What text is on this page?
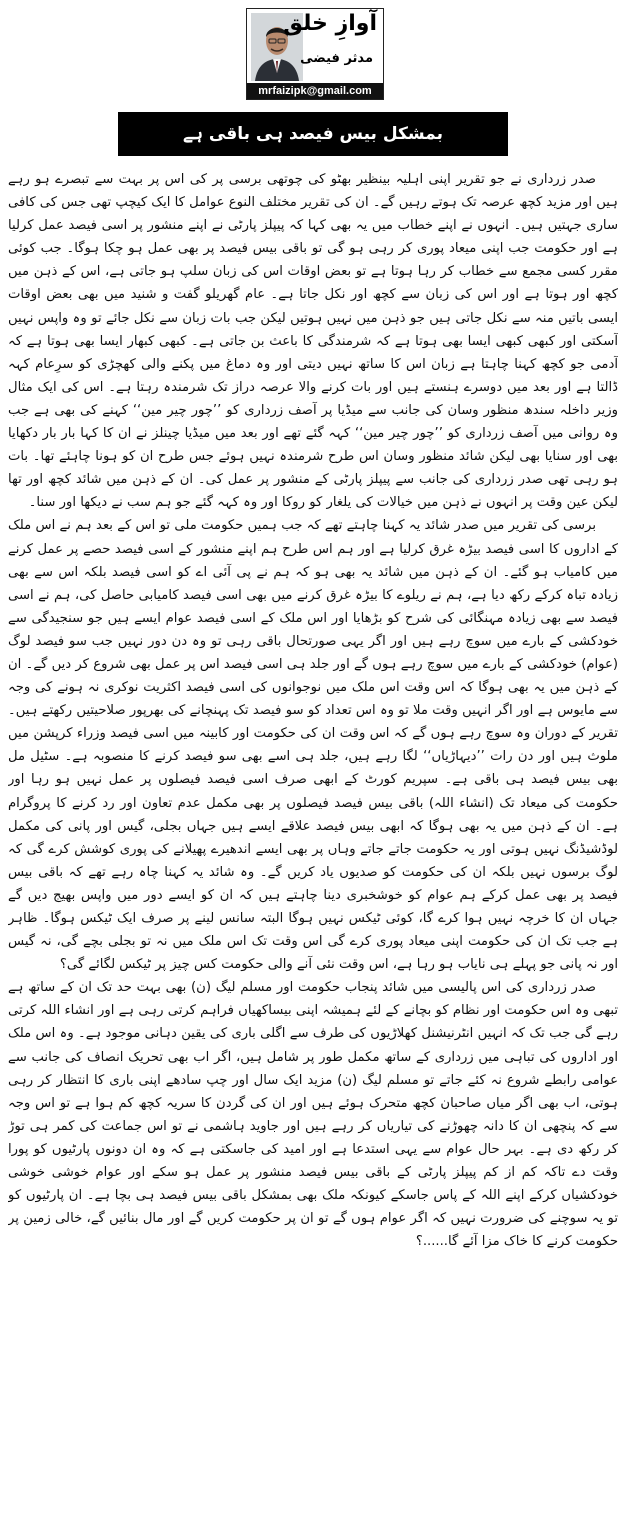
آوازِ خلق
مدثر فیضی
mrfaizipk@gmail.com
بمشکل بیس فیصد ہی باقی ہے

صدر زرداری نے جو تقریر اپنی اہلیہ بینظیر بھٹو کی چوتھی برسی پر کی اس پر بہت سے تبصرے ہو رہے ہیں اور مزید کچھ عرصہ تک ہوتے رہیں گے۔ ان کی تقریر مختلف النوع عوامل کا ایک کیچپ تھی جس کی کافی ساری جہتیں ہیں۔ انہوں نے اپنے خطاب میں یہ بھی کہا کہ پیپلز پارٹی نے اپنے منشور پر اسی فیصد عمل کرلیا ہے اور حکومت جب اپنی میعاد پوری کر رہی ہو گی تو باقی بیس فیصد پر بھی عمل ہو چکا ہوگا۔ جب کوئی مقرر کسی مجمع سے خطاب کر رہا ہوتا ہے تو بعض اوقات اس کی زبان سلپ ہو جاتی ہے، اس کے ذہن میں کچھ اور ہوتا ہے اور اس کی زبان سے کچھ اور نکل جاتا ہے۔ عام گھریلو گفت و شنید میں بھی بعض اوقات ایسی باتیں منہ سے نکل جاتی ہیں جو ذہن میں نہیں ہوتیں لیکن جب بات زبان سے نکل جائے تو وہ واپس نہیں آسکتی اور کبھی کبھی ایسا بھی ہوتا ہے کہ شرمندگی کا باعث بن جاتی ہے۔ کبھی کبھار ایسا بھی ہوتا ہے کہ آدمی جو کچھ کہنا چاہتا ہے زبان اس کا ساتھ نہیں دیتی اور وہ دماغ میں پکنے والی کھچڑی کو سرِعام کہہ ڈالتا ہے اور بعد میں دوسرے ہنستے ہیں اور بات کرنے والا عرصہ دراز تک شرمندہ رہتا ہے۔ اس کی ایک مثال وزیر داخلہ سندھ منظور وسان کی جانب سے میڈیا پر آصف زرداری کو ’’چور چیر مین‘‘ کہنے کی بھی ہے جب وہ روانی میں آصف زرداری کو ’’چور چیر مین‘‘ کہہ گئے تھے اور بعد میں میڈیا چینلز نے ان کا کہا بار بار دکھایا بھی اور سنایا بھی لیکن شائد منظور وسان اس طرح شرمندہ نہیں ہوئے جس طرح ان کو ہونا چاہئے تھا۔ بات ہو رہی تھی صدر زرداری کی جانب سے پیپلز پارٹی کے منشور پر عمل کی۔ ان کے ذہن میں شائد کچھ اور تھا لیکن عین وقت پر انہوں نے ذہن میں خیالات کی یلغار کو روکا اور وہ کہہ گئے جو ہم سب نے دیکھا اور سنا۔

برسی کی تقریر میں صدر شائد یہ کہنا چاہتے تھے کہ جب ہمیں حکومت ملی تو اس کے بعد ہم نے اس ملک کے اداروں کا اسی فیصد بیڑہ غرق کرلیا ہے اور ہم اس طرح ہم اپنے منشور کے اسی فیصد حصے پر عمل کرنے میں کامیاب ہو گئے۔ ان کے ذہن میں شائد یہ بھی ہو کہ ہم نے پی آئی اے کو اسی فیصد بلکہ اس سے بھی زیادہ تباہ کرکے رکھ دیا ہے، ہم نے ریلوے کا بیڑہ غرق کرنے میں بھی اسی فیصد کامیابی حاصل کی، ہم نے اسی فیصد سے بھی زیادہ مہنگائی کی شرح کو بڑھایا اور اس ملک کے اسی فیصد عوام ایسے ہیں جو سنجیدگی سے خودکشی کے بارے میں سوچ رہے ہیں اور اگر یہی صورتحال باقی رہی تو وہ دن دور نہیں جب سو فیصد لوگ (عوام) خودکشی کے بارے میں سوچ رہے ہوں گے اور جلد ہی اسی فیصد اس پر عمل بھی شروع کر دیں گے۔ ان کے ذہن میں یہ بھی ہوگا کہ اس وقت اس ملک میں نوجوانوں کی اسی فیصد اکثریت نوکری نہ ہونے کی وجہ سے مایوس ہے اور اگر انہیں وقت ملا تو وہ اس تعداد کو سو فیصد تک پہنچانے کی بھرپور صلاحیتیں رکھتے ہیں۔ تقریر کے دوران وہ سوچ رہے ہوں گے کہ اس وقت ان کی حکومت اور کابینہ میں اسی فیصد وزراء کرپشن میں ملوث ہیں اور دن رات ’’دیہاڑیاں‘‘ لگا رہے ہیں، جلد ہی اسے بھی سو فیصد کرنے کا منصوبہ ہے۔ سٹیل مل بھی بیس فیصد ہی باقی ہے۔ سپریم کورٹ کے ابھی صرف اسی فیصد فیصلوں پر عمل نہیں ہو رہا اور حکومت کی میعاد تک (انشاء اللہ) باقی بیس فیصد فیصلوں پر بھی مکمل عدم تعاون اور رد کرنے کا پروگرام ہے۔ ان کے ذہن میں یہ بھی ہوگا کہ ابھی بیس فیصد علاقے ایسے ہیں جہاں بجلی، گیس اور پانی کی مکمل لوڈشیڈنگ نہیں ہوتی اور یہ حکومت جاتے جاتے وہاں پر بھی ایسے اندھیرے پھیلانے کی پوری کوشش کرے گی کہ لوگ برسوں نہیں بلکہ ان کی حکومت کو صدیوں یاد کریں گے۔ وہ شائد یہ کہنا چاہ رہے تھے کہ باقی بیس فیصد پر بھی عمل کرکے ہم عوام کو خوشخبری دینا چاہتے ہیں کہ ان کو ایسے دور میں واپس بھیج دیں گے جہاں ان کا خرچہ نہیں ہوا کرے گا، کوئی ٹیکس نہیں ہوگا البتہ سانس لینے پر صرف ایک ٹیکس ہوگا۔ ظاہر ہے جب تک ان کی حکومت اپنی میعاد پوری کرے گی اس وقت تک اس ملک میں نہ تو بجلی بچے گی، نہ گیس اور نہ پانی جو پہلے ہی نایاب ہو رہا ہے، اس وقت نئی آنے والی حکومت کس چیز پر ٹیکس لگائے گی؟

صدر زرداری کی اس پالیسی میں شائد پنجاب حکومت اور مسلم لیگ (ن) بھی بہت حد تک ان کے ساتھ ہے تبھی وہ اس حکومت اور نظام کو بچانے کے لئے ہمیشہ اپنی بیساکھیاں فراہم کرتی رہی ہے اور انشاء اللہ کرتی رہے گی جب تک کہ انہیں انٹرنیشنل کھلاڑیوں کی طرف سے اگلی باری کی یقین دہانی موجود ہے۔ وہ اس ملک اور اداروں کی تباہی میں زرداری کے ساتھ مکمل طور پر شامل ہیں، اگر اب بھی تحریک انصاف کی جانب سے عوامی رابطے شروع نہ کئے جاتے تو مسلم لیگ (ن) مزید ایک سال اور چپ سادھے اپنی باری کا انتظار کر رہی ہوتی، اب بھی اگر میاں صاحبان کچھ متحرک ہوئے ہیں اور ان کی گردن کا سریہ کچھ کم ہوا ہے تو اس وجہ سے کہ پنچھی ان کا دانہ چھوڑنے کی تیاریاں کر رہے ہیں اور جاوید ہاشمی نے تو اس جماعت کی کمر ہی توڑ کر رکھ دی ہے۔ بہر حال عوام سے یہی استدعا ہے اور امید کی جاسکتی ہے کہ وہ ان دونوں پارٹیوں کو پورا وقت دے تاکہ کم از کم پیپلز پارٹی کے باقی بیس فیصد منشور پر عمل ہو سکے اور عوام خوشی خوشی خودکشیاں کرکے اپنے اللہ کے پاس جاسکے کیونکہ ملک بھی بمشکل باقی بیس فیصد ہی بچا ہے۔ ان پارٹیوں کو تو یہ سوچنے کی ضرورت نہیں کہ اگر عوام ہوں گے تو ان پر حکومت کریں گے اور مال بنائیں گے، خالی زمین پر حکومت کرنے کا خاک مزا آئے گا......؟
